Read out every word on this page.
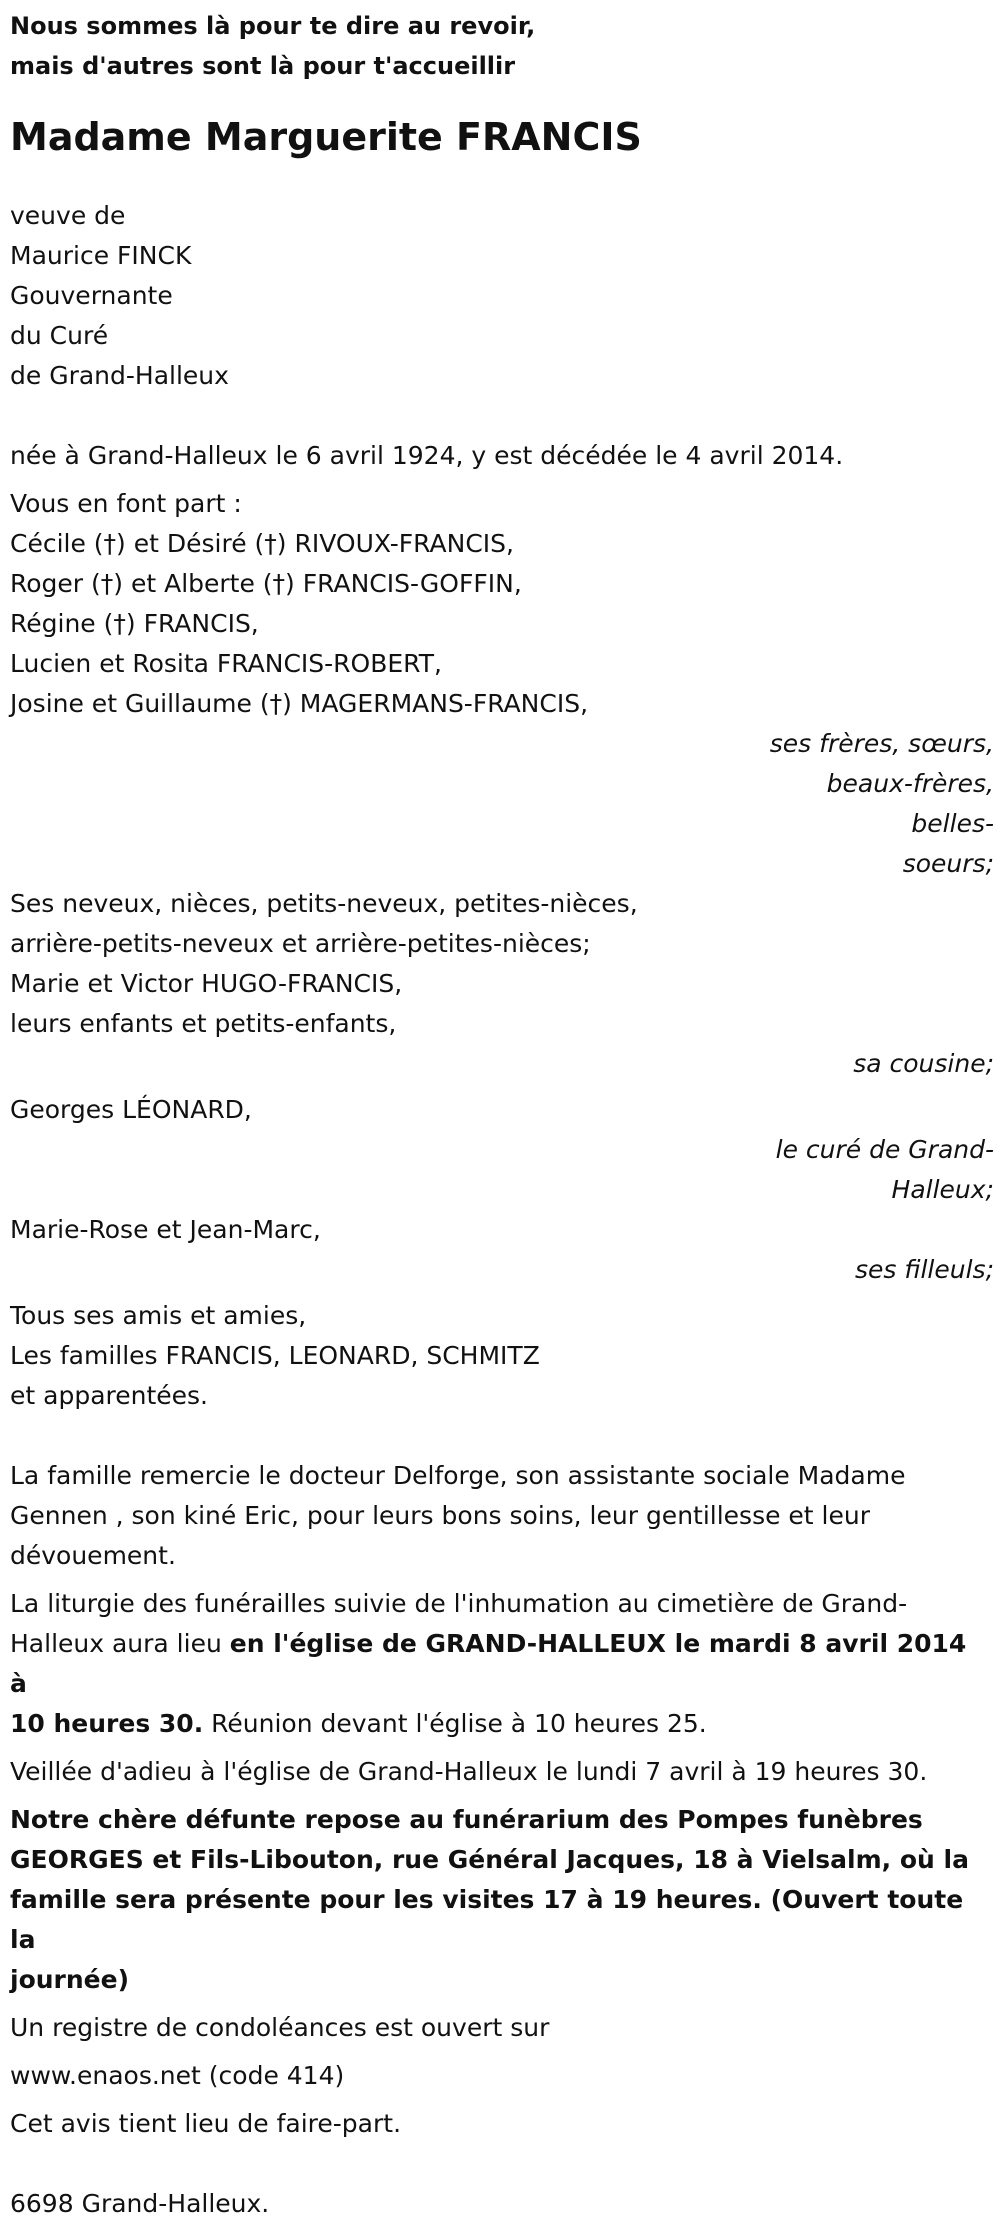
Nous sommes là pour te dire au revoir,

mais d'autres sont là pour t'accueillir

Madame Marguerite FRANCIS

veuve de

Maurice FINCK

Gouvernante

du Curé

de Grand-Halleux

née à Grand-Halleux le 6 avril 1924, y est décédée le 4 avril 2014.

Vous en font part :

Cécile (†) et Désiré (†) RIVOUX-FRANCIS,

Roger (†) et Alberte (†) FRANCIS-GOFFIN,

Régine (†) FRANCIS,

Lucien et Rosita FRANCIS-ROBERT,

Josine et Guillaume (†) MAGERMANS-FRANCIS,

ses frères, sœurs,

beaux-frères, belles-

soeurs;

Ses neveux, nièces, petits-neveux, petites-nièces,

arrière-petits-neveux et arrière-petites-nièces;

Marie et Victor HUGO-FRANCIS,

leurs enfants et petits-enfants,

sa cousine;

Georges LÉONARD,

le curé de Grand-

Halleux;

Marie-Rose et Jean-Marc,

ses filleuls;

Tous ses amis et amies,

Les familles FRANCIS, LEONARD, SCHMITZ

et apparentées.

La famille remercie le docteur Delforge, son assistante sociale Madame

Gennen , son kiné Eric, pour leurs bons soins, leur gentillesse et leur

dévouement.

La liturgie des funérailles suivie de l'inhumation au cimetière de Grand-

Halleux aura lieu en l'église de GRAND-HALLEUX le mardi 8 avril 2014 à

10 heures 30. Réunion devant l'église à 10 heures 25.

Veillée d'adieu à l'église de Grand-Halleux le lundi 7 avril à 19 heures 30.

Notre chère défunte repose au funérarium des Pompes funèbres

GEORGES et Fils-Libouton, rue Général Jacques, 18 à Vielsalm, où la

famille sera présente pour les visites 17 à 19 heures. (Ouvert toute la

journée)

Un registre de condoléances est ouvert sur

www.enaos.net (code 414)

Cet avis tient lieu de faire-part.

6698 Grand-Halleux.
